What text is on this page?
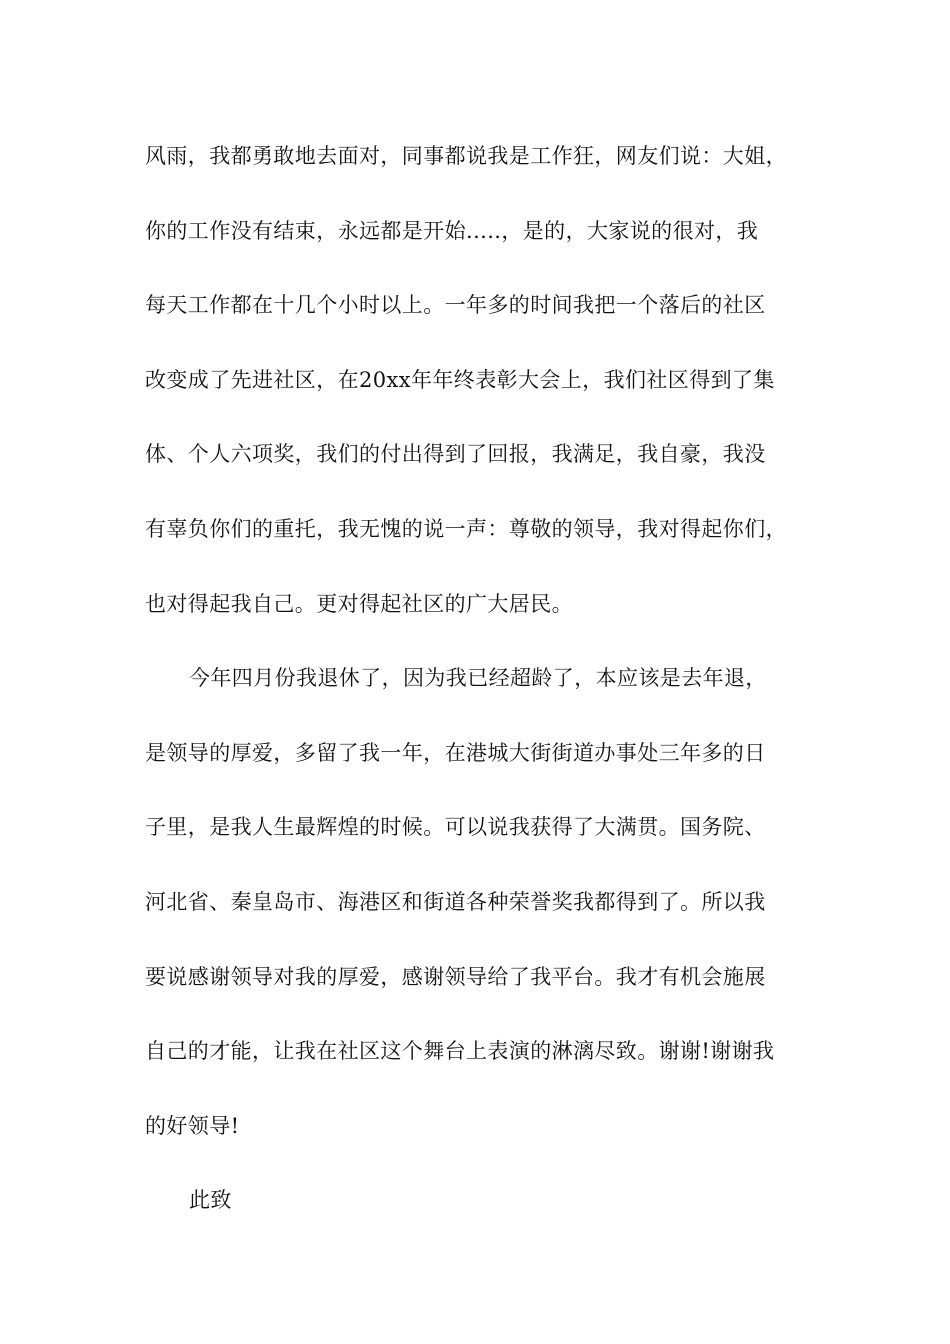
风雨，我都勇敢地去面对，同事都说我是工作狂，网友们说：大姐，
你的工作没有结束，永远都是开始.....，是的，大家说的很对，我
每天工作都在十几个小时以上。一年多的时间我把一个落后的社区
改变成了先进社区，在20xx年年终表彰大会上，我们社区得到了集
体、个人六项奖，我们的付出得到了回报，我满足，我自豪，我没
有辜负你们的重托，我无愧的说一声：尊敬的领导，我对得起你们，
也对得起我自己。更对得起社区的广大居民。
今年四月份我退休了，因为我已经超龄了，本应该是去年退，
是领导的厚爱，多留了我一年，在港城大街街道办事处三年多的日
子里，是我人生最辉煌的时候。可以说我获得了大满贯。国务院、
河北省、秦皇岛市、海港区和街道各种荣誉奖我都得到了。所以我
要说感谢领导对我的厚爱，感谢领导给了我平台。我才有机会施展
自己的才能，让我在社区这个舞台上表演的淋漓尽致。谢谢!谢谢我
的好领导!
此致
